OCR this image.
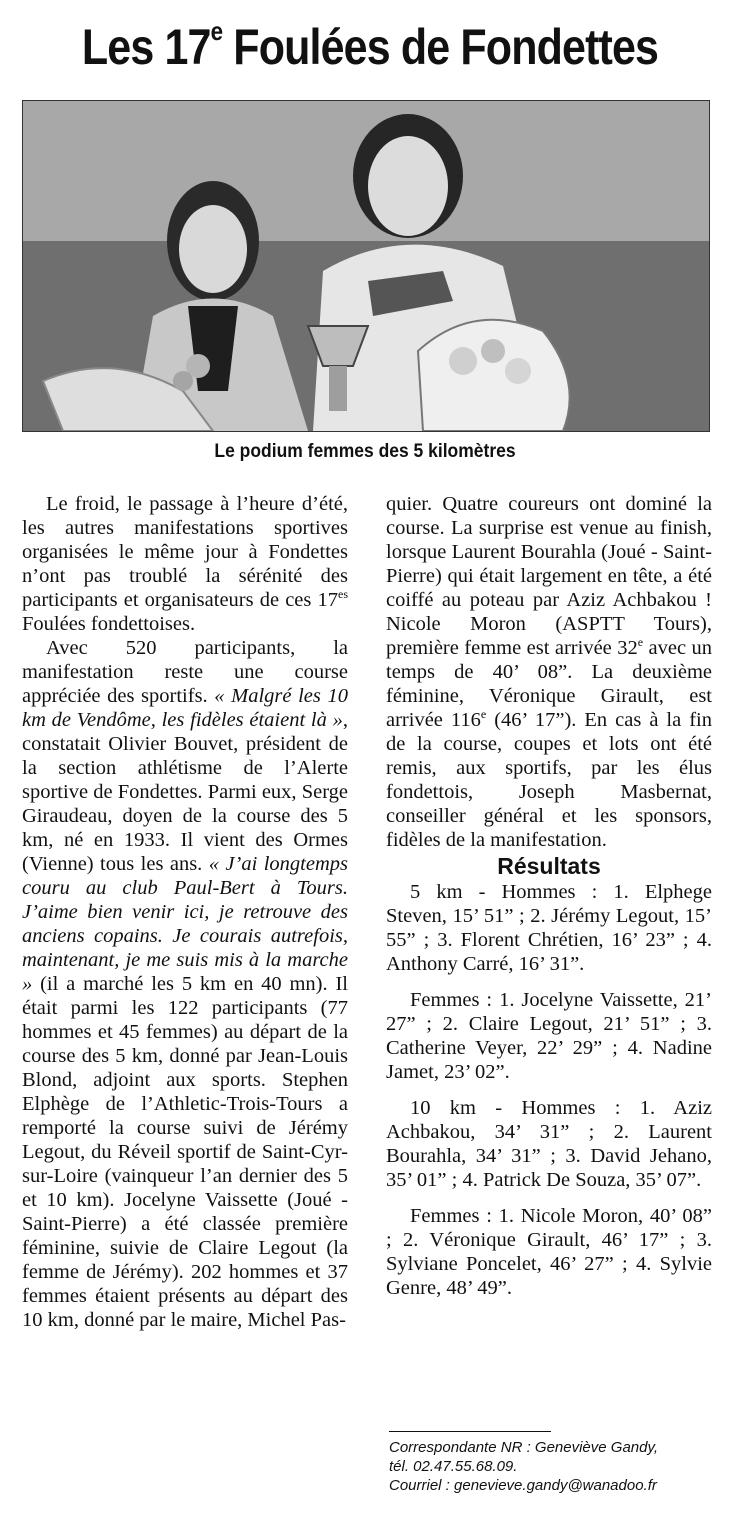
Les 17e Foulées de Fondettes

Le podium femmes des 5 kilomètres

Le froid, le passage à l’heure d’été, les autres manifestations sportives organisées le même jour à Fondettes n’ont pas troublé la sérénité des participants et organisateurs de ces $17^{es}$ Foulées fondettoises.

Avec 520 participants, la manifestation reste une course appréciée des sportifs. « Malgré les 10 km de Vendôme, les fidèles étaient là », constatait Olivier Bouvet, président de la section athlétisme de l’Alerte sportive de Fondettes. Parmi eux, Serge Giraudeau, doyen de la course des 5 km, né en 1933. Il vient des Ormes (Vienne) tous les ans. « J’ai longtemps couru au club Paul-Bert à Tours. J’aime bien venir ici, je retrouve des anciens copains. Je courais autrefois, maintenant, je me suis mis à la marche » (il a marché les 5 km en 40 mn). Il était parmi les 122 participants (77 hommes et 45 femmes) au départ de la course des 5 km, donné par Jean-Louis Blond, adjoint aux sports. Stephen Elphège de l’Athletic-Trois-Tours a remporté la course suivi de Jérémy Legout, du Réveil sportif de Saint-Cyr-sur-Loire (vainqueur l’an dernier des 5 et 10 km). Jocelyne Vaissette (Joué - Saint-Pierre) a été classée première féminine, suivie de Claire Legout (la femme de Jérémy). 202 hommes et 37 femmes étaient présents au départ des 10 km, donné par le maire, Michel Pas-

quier. Quatre coureurs ont dominé la course. La surprise est venue au finish, lorsque Laurent Bourahla (Joué - Saint-Pierre) qui était largement en tête, a été coiffé au poteau par Aziz Achbakou ! Nicole Moron (ASPTT Tours), première femme est arrivée 32e avec un temps de 40’ 08”. La deuxième féminine, Véronique Girault, est arrivée 116e (46’ 17”). En cas à la fin de la course, coupes et lots ont été remis, aux sportifs, par les élus fondettois, Joseph Masbernat, conseiller général et les sponsors, fidèles de la manifestation.

Résultats

5 km - Hommes : 1. Elphege Steven, 15’ 51” ; 2. Jérémy Legout, 15’ 55” ; 3. Florent Chrétien, 16’ 23” ; 4. Anthony Carré, 16’ 31”.

Femmes : 1. Jocelyne Vaissette, 21’ 27” ; 2. Claire Legout, 21’ 51” ; 3. Catherine Veyer, 22’ 29” ; 4. Nadine Jamet, 23’ 02”.

10 km - Hommes : 1. Aziz Achbakou, 34’ 31” ; 2. Laurent Bourahla, 34’ 31” ; 3. David Jehano, 35’ 01” ; 4. Patrick De Souza, 35’ 07”.

Femmes : 1. Nicole Moron, 40’ 08” ; 2. Véronique Girault, 46’ 17” ; 3. Sylviane Poncelet, 46’ 27” ; 4. Sylvie Genre, 48’ 49”.

Correspondante NR : Geneviève Gandy,
tél. 02.47.55.68.09.
Courriel : genevieve.gandy@wanadoo.fr
